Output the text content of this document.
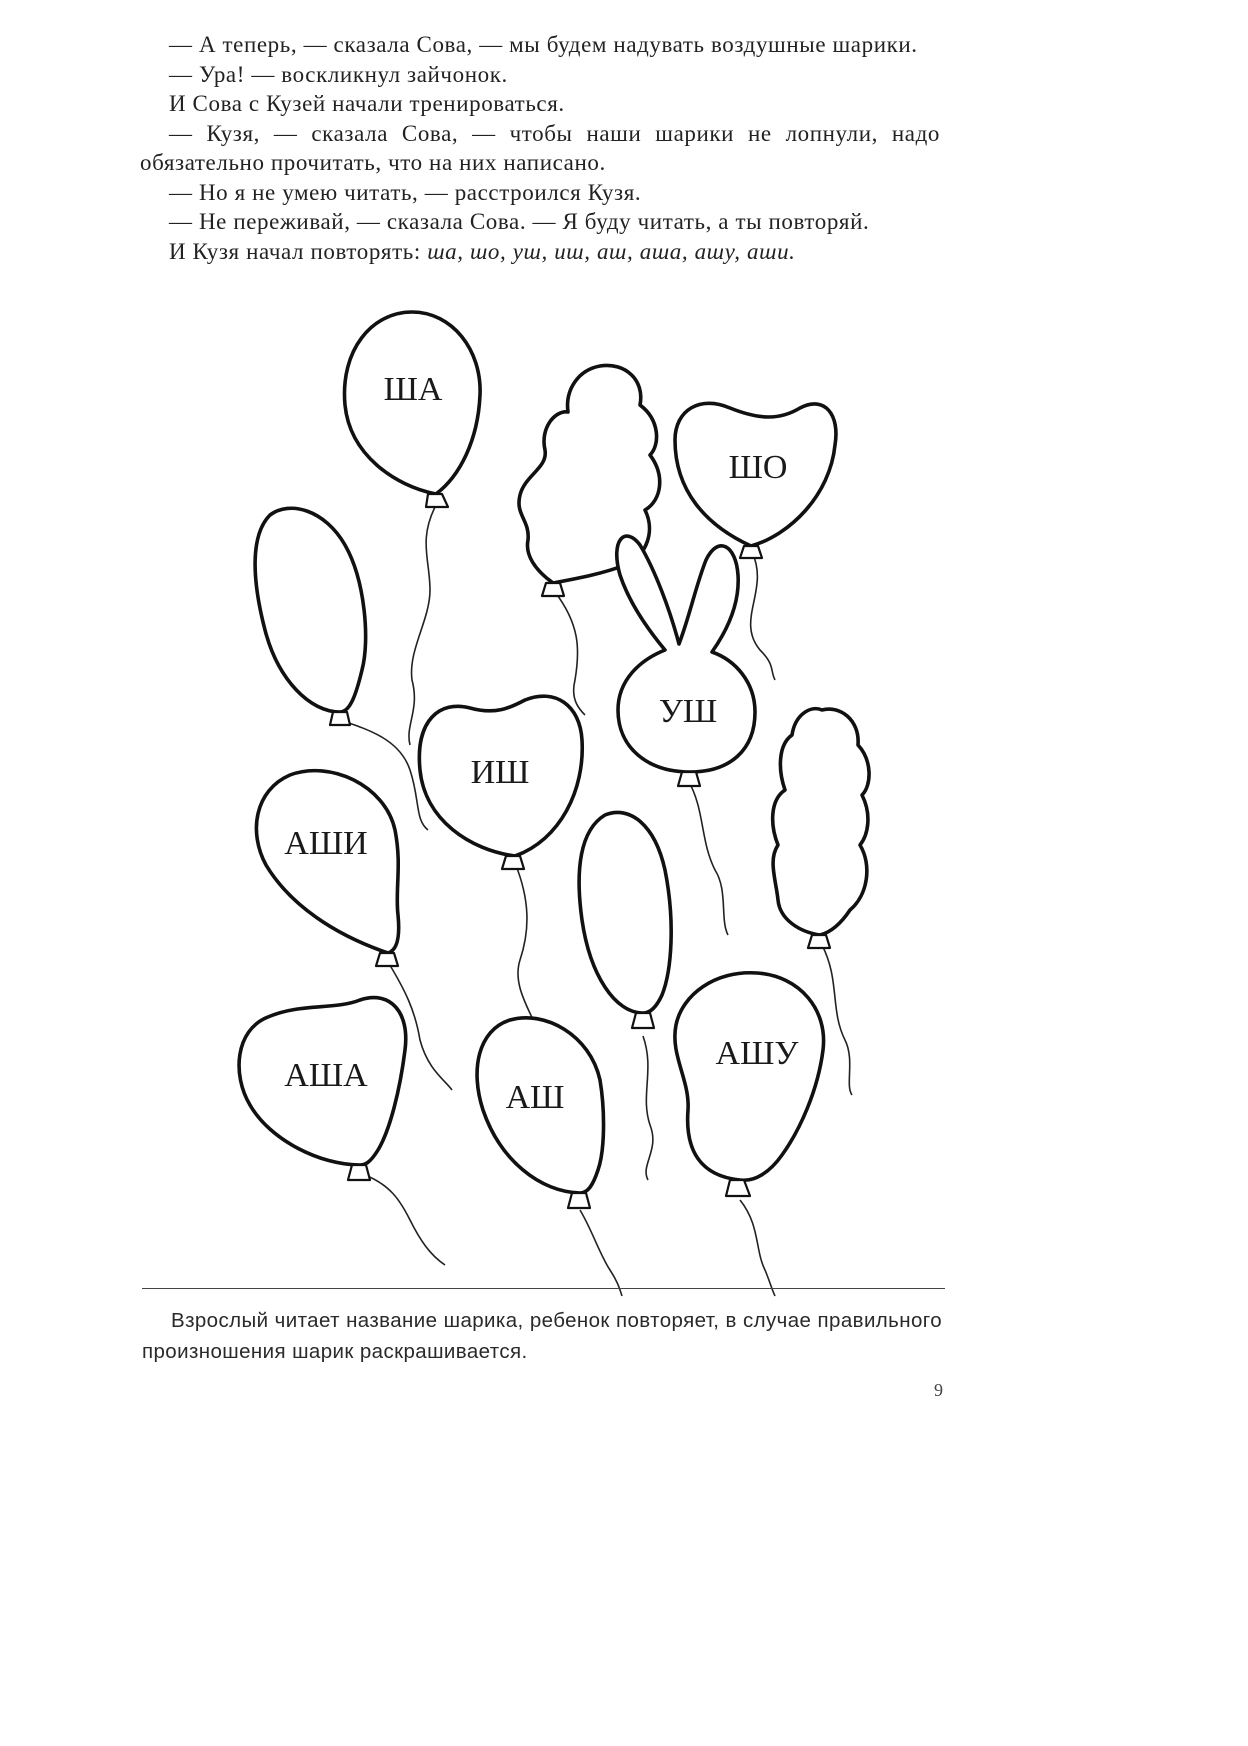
— А теперь, — сказала Сова, — мы будем надувать воздушные шарики.

— Ура! — воскликнул зайчонок.

И Сова с Кузей начали тренироваться.

— Кузя, — сказала Сова, — чтобы наши шарики не лопнули, надо обязательно прочитать, что на них написано.

— Но я не умею читать, — расстроился Кузя.

— Не переживай, — сказала Сова. — Я буду читать, а ты повторяй.

И Кузя начал повторять: ша, шо, уш, иш, аш, аша, ашу, аши.

ШО
ША
УШ
ИШ
АШИ
АША
АШ
АШУ

Взрослый читает название шарика, ребенок повторяет, в случае правильного произношения шарик раскрашивается.

9
